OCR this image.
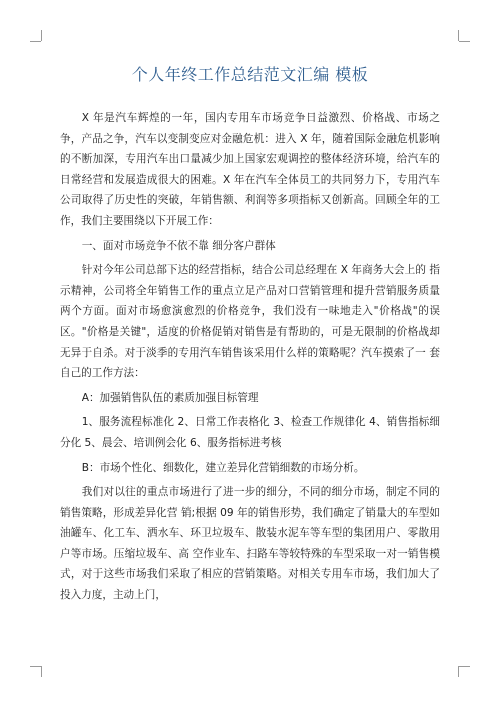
个人年终工作总结范文汇编 模板

X 年是汽车辉煌的一年，国内专用车市场竞争日益激烈、价格战、市场之争，产品之争，汽车以变制变应对金融危机：进入 X 年，随着国际金融危机影响的不断加深，专用汽车出口量减少加上国家宏观调控的整体经济环境，给汽车的日常经营和发展造成很大的困难。X 年在汽车全体员工的共同努力下，专用汽车公司取得了历史性的突破，年销售额、利润等多项指标又创新高。回顾全年的工作，我们主要围绕以下开展工作：

一、面对市场竞争不依不靠 细分客户群体

针对今年公司总部下达的经营指标，结合公司总经理在 X 年商务大会上的 指示精神，公司将全年销售工作的重点立足产品对口营销管理和提升营销服务质量两个方面。面对市场愈演愈烈的价格竞争，我们没有一味地走入"价格战"的误 区。"价格是关键"，适度的价格促销对销售是有帮助的，可是无限制的价格战却无异于自杀。对于淡季的专用汽车销售该采用什么样的策略呢？汽车摸索了一 套自己的工作方法：

A：加强销售队伍的素质加强目标管理

1、服务流程标准化 2、日常工作表格化 3、检查工作规律化 4、销售指标细分化 5、晨会、培训例会化 6、服务指标进考核

B：市场个性化、细数化，建立差异化营销细数的市场分析。

我们对以往的重点市场进行了进一步的细分，不同的细分市场，制定不同的销售策略，形成差异化营 销;根据 09 年的销售形势，我们确定了销量大的车型如油罐车、化工车、洒水车、环卫垃圾车、散装水泥车等车型的集团用户、零散用户等市场。压缩垃圾车、高 空作业车、扫路车等较特殊的车型采取一对一销售模式，对于这些市场我们采取了相应的营销策略。对相关专用车市场，我们加大了投入力度，主动上门，
